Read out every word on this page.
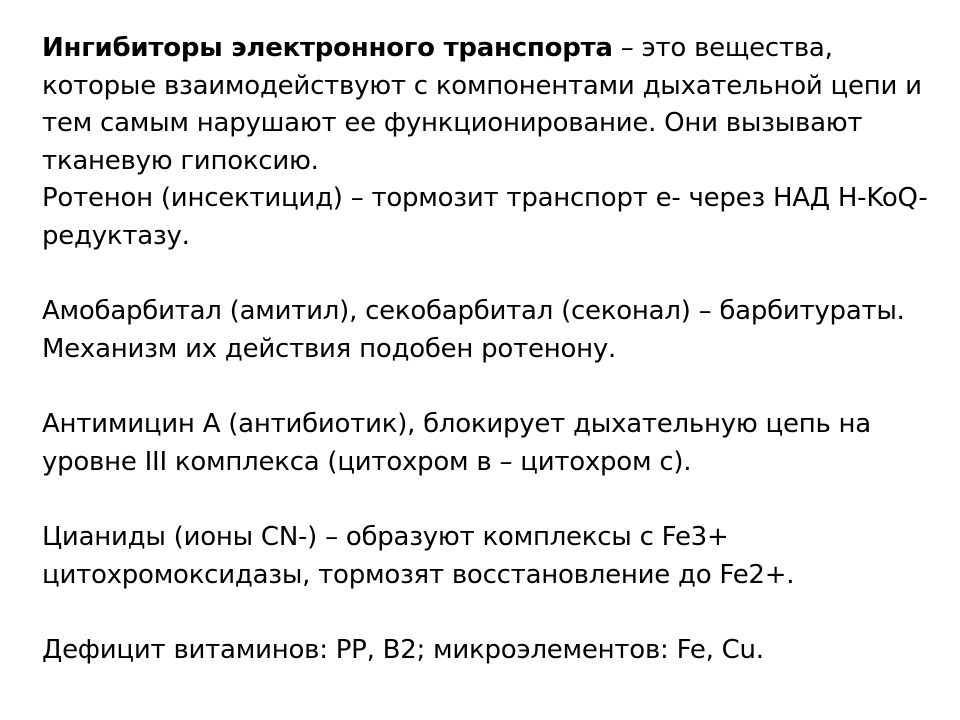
Ингибиторы электронного транспорта – это вещества, которые взаимодействуют с компонентами дыхательной цепи и тем самым нарушают ее функционирование. Они вызывают тканевую гипоксию.

Ротенон (инсектицид) – тормозит транспорт e- через НАД Н-KoQ-редуктазу.

Амобарбитал (амитил), секобарбитал (секонал) – барбитураты. Механизм их действия подобен ротенону.

Антимицин А (антибиотик), блокирует дыхательную цепь на уровне III комплекса (цитохром в – цитохром с).

Цианиды (ионы CN-) – образуют комплексы с Fe3+ цитохромоксидазы, тормозят восстановление до Fe2+.

Дефицит витаминов: PP, B2; микроэлементов: Fe, Cu.
